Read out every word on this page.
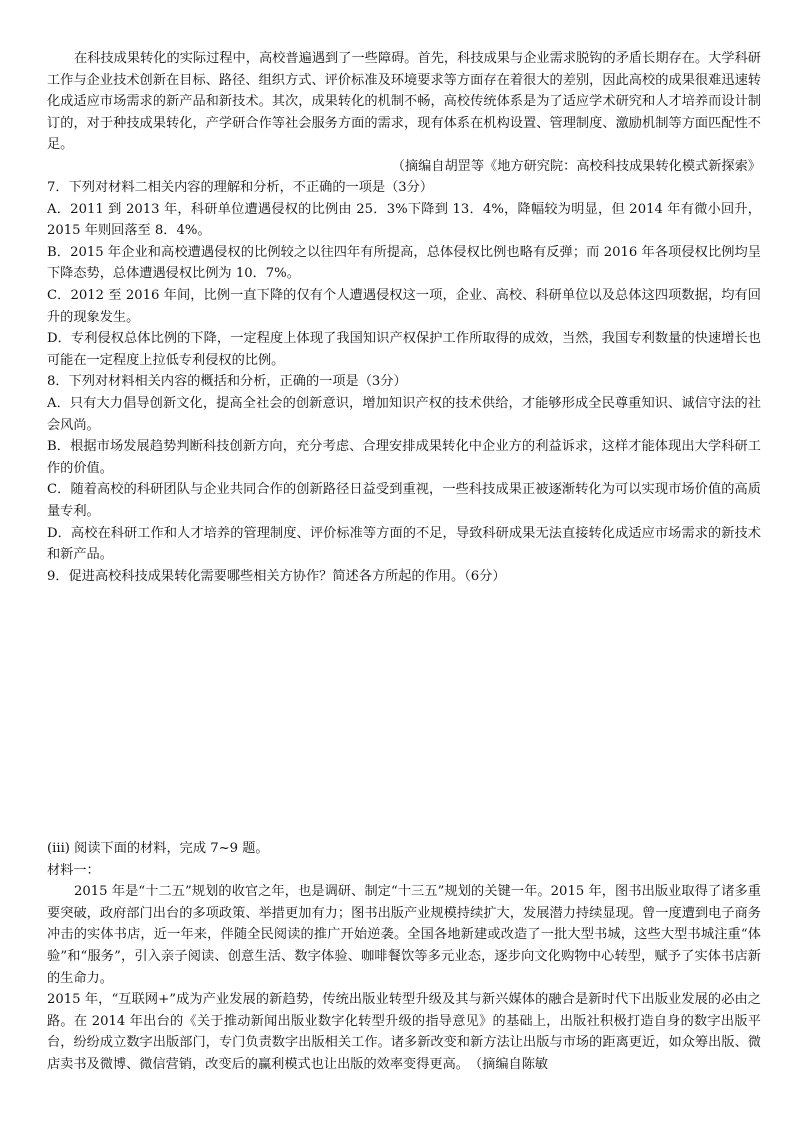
在科技成果转化的实际过程中，高校普遍遇到了一些障碍。首先，科技成果与企业需求脱钩的矛盾长期存在。大学科研工作与企业技术创新在目标、路径、组织方式、评价标准及环境要求等方面存在着很大的差别，因此高校的成果很难迅速转化成适应市场需求的新产品和新技术。其次，成果转化的机制不畅，高校传统体系是为了适应学术研究和人才培养而设计制订的，对于种技成果转化，产学研合作等社会服务方面的需求，现有体系在机构设置、管理制度、激励机制等方面匹配性不足。

（摘编自胡罡等《地方研究院：高校科技成果转化模式新探索》

7．下列对材料二相关内容的理解和分析，不正确的一项是（3分）

A．2011 到 2013 年，科研单位遭遇侵权的比例由 25．3%下降到 13．4%，降幅较为明显，但 2014 年有微小回升，2015 年则回落至 8．4%。

B．2015 年企业和高校遭遇侵权的比例较之以往四年有所提高，总体侵权比例也略有反弹；而 2016 年各项侵权比例均呈下降态势，总体遭遇侵权比例为 10．7%。

C．2012 至 2016 年间，比例一直下降的仅有个人遭遇侵权这一项，企业、高校、科研单位以及总体这四项数据，均有回升的现象发生。

D．专利侵权总体比例的下降，一定程度上体现了我国知识产权保护工作所取得的成效，当然，我国专利数量的快速增长也可能在一定程度上拉低专利侵权的比例。

8．下列对材料相关内容的概括和分析，正确的一项是（3分）

A．只有大力倡导创新文化，提高全社会的创新意识，增加知识产权的技术供给，才能够形成全民尊重知识、诚信守法的社会风尚。

B．根据市场发展趋势判断科技创新方向，充分考虑、合理安排成果转化中企业方的利益诉求，这样才能体现出大学科研工作的价值。

C．随着高校的科研团队与企业共同合作的创新路径日益受到重视，一些科技成果正被逐渐转化为可以实现市场价值的高质量专利。

D．高校在科研工作和人才培养的管理制度、评价标准等方面的不足，导致科研成果无法直接转化成适应市场需求的新技术和新产品。

9．促进高校科技成果转化需要哪些相关方协作？简述各方所起的作用。（6分）

(iii) 阅读下面的材料，完成 7~9 题。

材料一：

2015 年是“十二五”规划的收官之年，也是调研、制定“十三五”规划的关键一年。2015 年，图书出版业取得了诸多重要突破，政府部门出台的多项政策、举措更加有力；图书出版产业规模持续扩大，发展潜力持续显现。曾一度遭到电子商务冲击的实体书店，近一年来，伴随全民阅读的推广开始逆袭。全国各地新建或改造了一批大型书城，这些大型书城注重“体验”和“服务”，引入亲子阅读、创意生活、数字体验、咖啡餐饮等多元业态，逐步向文化购物中心转型，赋予了实体书店新的生命力。

2015 年，“互联网+”成为产业发展的新趋势，传统出版业转型升级及其与新兴媒体的融合是新时代下出版业发展的必由之路。在 2014 年出台的《关于推动新闻出版业数字化转型升级的指导意见》的基础上，出版社积极打造自身的数字出版平台，纷纷成立数字出版部门，专门负责数字出版相关工作。诸多新改变和新方法让出版与市场的距离更近，如众筹出版、微店卖书及微博、微信营销，改变后的赢利模式也让出版的效率变得更高。　（摘编自陈敏
